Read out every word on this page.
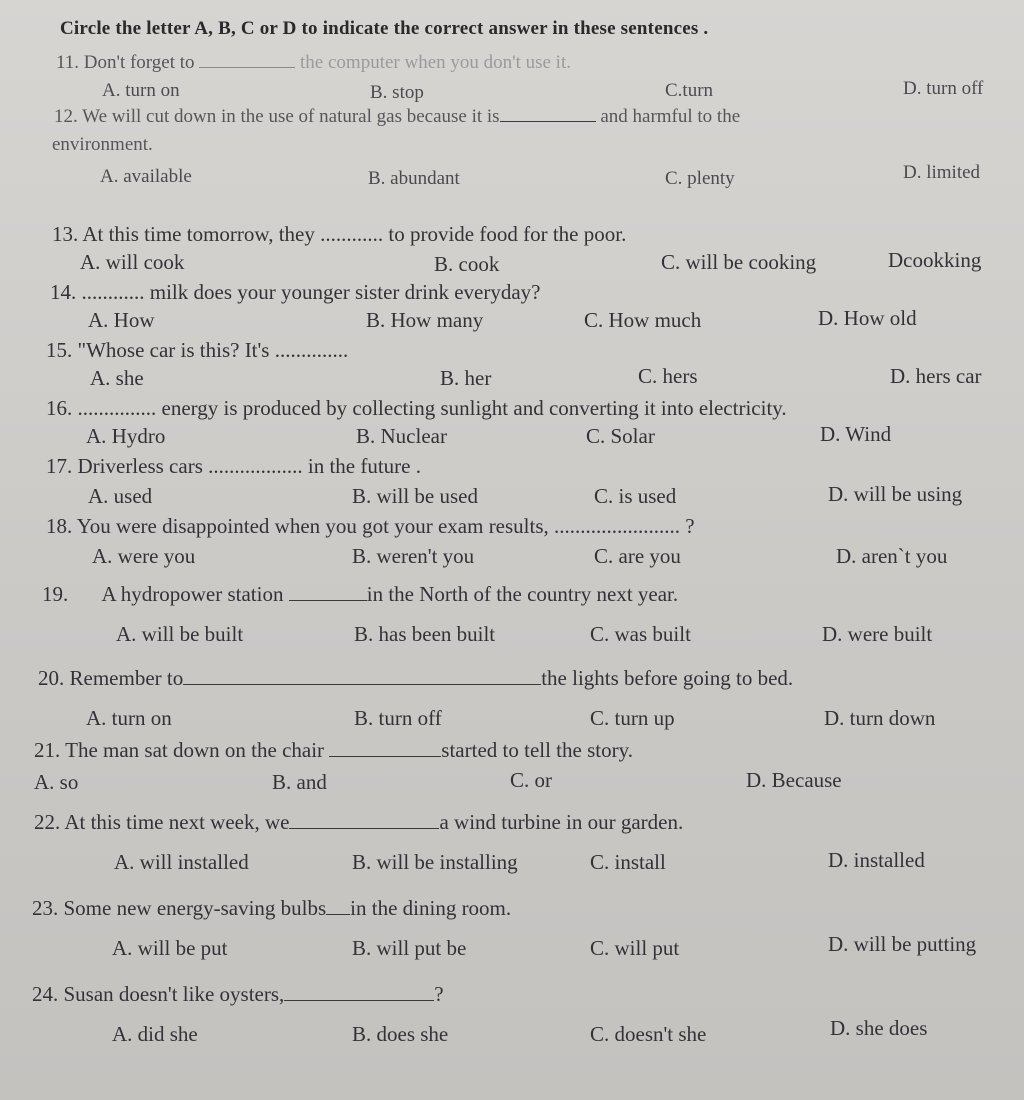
Circle the letter A, B, C or D to indicate the correct answer in these sentences .
11. Don't forget to	the computer when you don't use it.
A. turn on	B. stop	C.turn	D. turn off
12. We will cut down in the use of natural gas because it is	and harmful to the
environment.
A. available	B. abundant	C. plenty	D. limited
13. At this time tomorrow, they ............ to provide food for the poor.
A. will cook	B. cook	C. will be cooking	Dcookking
14. ............ milk does your younger sister drink everyday?
A. How	B. How many	C. How much	D. How old
15. "Whose car is this? It's ..............
A. she	B. her	C. hers	D. hers car
16. ............... energy is produced by collecting sunlight and converting it into electricity.
A. Hydro	B. Nuclear	C. Solar	D. Wind
17. Driverless cars .................. in the future .
A. used	B. will be used	C. is used	D. will be using
18. You were disappointed when you got your exam results, ........................ ?
A. were you	B. weren't you	C. are you	D. aren`t you
19. A hydropower station	in the North of the country next year.
A. will be built	B. has been built	C. was built	D. were built
20. Remember to	the lights before going to bed.
A. turn on	B. turn off	C. turn up	D. turn down
21. The man sat down on the chair	started to tell the story.
A. so	B. and	C. or	D. Because
22. At this time next week, we	a wind turbine in our garden.
A. will installed	B. will be installing	C. install	D. installed
23. Some new energy-saving bulbs in the dining room.
A. will be put	B. will put be	C. will put	D. will be putting
24. Susan doesn't like oysters,	?
A. did she	B. does she	C. doesn't she	D. she does
